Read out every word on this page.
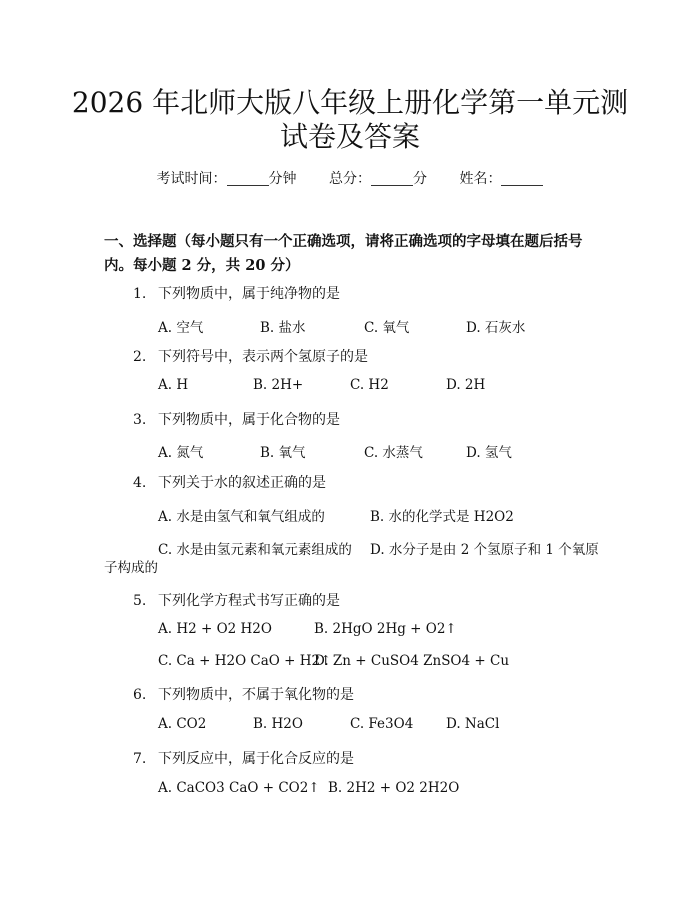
2026 年北师大版八年级上册化学第一单元测
试卷及答案
考试时间：	分钟 总分：	分 姓名：
一、选择题（每小题只有一个正确选项，请将正确选项的字母填在题后括号内。每小题 2 分，共 20 分）
1. 下列物质中，属于纯净物的是
A. 空气	B. 盐水	C. 氧气	D. 石灰水
2. 下列符号中，表示两个氢原子的是
A. H	B. 2H+	C. H2	D. 2H
3. 下列物质中，属于化合物的是
A. 氮气	B. 氧气	C. 水蒸气	D. 氢气
4. 下列关于水的叙述正确的是
A. 水是由氢气和氧气组成的	B. 水的化学式是 H2O2
C. 水是由氢元素和氧元素组成的 D. 水分子是由 2 个氢原子和 1 个氧原
子构成的
5. 下列化学方程式书写正确的是
A. H2 + O2 H2O	B. 2HgO 2Hg + O2↑
C. Ca + H2O CaO + H2↑
D. Zn + CuSO4 ZnSO4 + Cu
6. 下列物质中，不属于氧化物的是
A. CO2	B. H2O	C. Fe3O4 D. NaCl
7. 下列反应中，属于化合反应的是
A. CaCO3 CaO + CO2↑ B. 2H2 + O2 2H2O
